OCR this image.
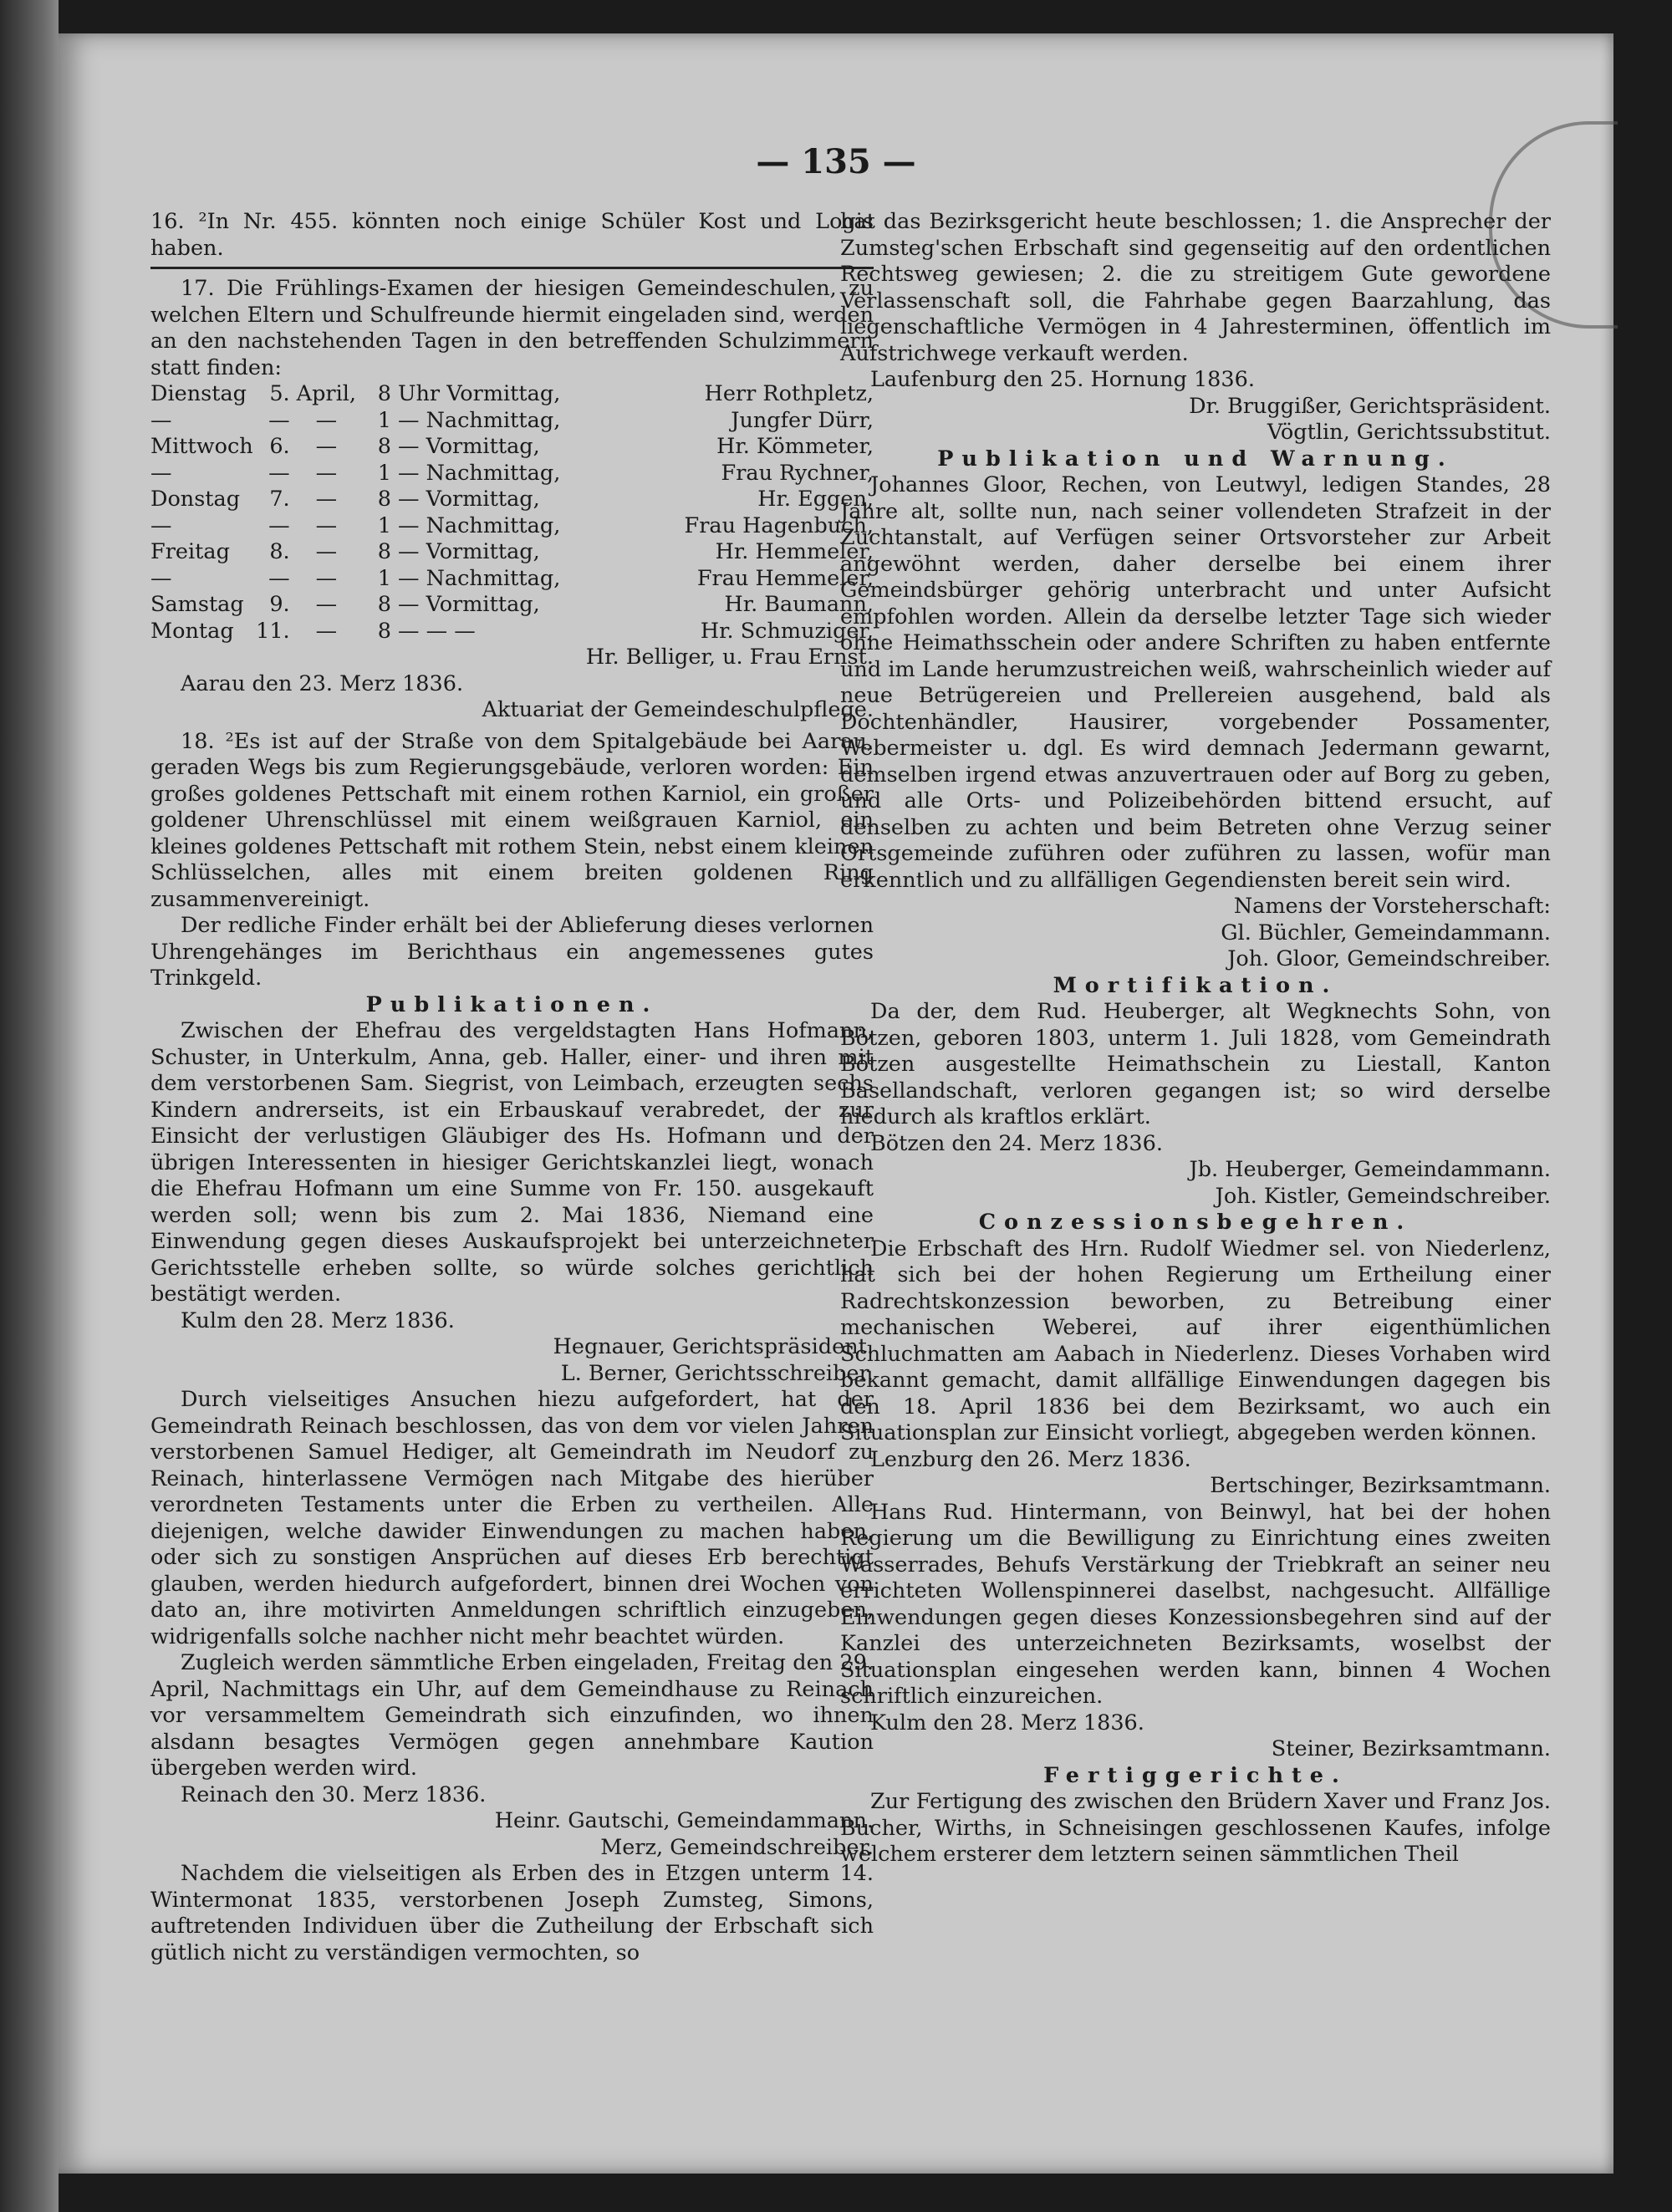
— 135 —

16. ²In Nr. 455. könnten noch einige Schüler Kost und Logis haben.

17. Die Frühlings-Examen der hiesigen Gemeindeschulen, zu welchen Eltern und Schulfreunde hiermit eingeladen sind, werden an den nachstehenden Tagen in den betreffenden Schulzimmern statt finden:

Dienstag	5.	April,	8	Uhr Vormittag,	Herr Rothpletz,
—	—	—	1	— Nachmittag,	Jungfer Dürr,
Mittwoch	6.	—	8	— Vormittag,	Hr. Kömmeter,
—	—	—	1	— Nachmittag,	Frau Rychner,
Donstag	7.	—	8	— Vormittag,	Hr. Eggen,
—	—	—	1	— Nachmittag,	Frau Hagenbuch,
Freitag	8.	—	8	— Vormittag,	Hr. Hemmeler,
—	—	—	1	— Nachmittag,	Frau Hemmeler,
Samstag	9.	—	8	— Vormittag,	Hr. Baumann,
Montag	11.	—	8	— — —	Hr. Schmuziger,

Hr. Belliger, u. Frau Ernst.

Aarau den 23. Merz 1836.

Aktuariat der Gemeindeschulpflege.

18. ²Es ist auf der Straße von dem Spitalgebäude bei Aarau, geraden Wegs bis zum Regierungsgebäude, verloren worden: Ein großes goldenes Pettschaft mit einem rothen Karniol, ein großer goldener Uhrenschlüssel mit einem weißgrauen Karniol, ein kleines goldenes Pettschaft mit rothem Stein, nebst einem kleinen Schlüsselchen, alles mit einem breiten goldenen Ring zusammenvereinigt.

Der redliche Finder erhält bei der Ablieferung dieses verlornen Uhrengehänges im Berichthaus ein angemessenes gutes Trinkgeld.

Publikationen.

Zwischen der Ehefrau des vergeldstagten Hans Hofmann, Schuster, in Unterkulm, Anna, geb. Haller, einer- und ihren mit dem verstorbenen Sam. Siegrist, von Leimbach, erzeugten sechs Kindern andrerseits, ist ein Erbauskauf verabredet, der zur Einsicht der verlustigen Gläubiger des Hs. Hofmann und der übrigen Interessenten in hiesiger Gerichtskanzlei liegt, wonach die Ehefrau Hofmann um eine Summe von Fr. 150. ausgekauft werden soll; wenn bis zum 2. Mai 1836, Niemand eine Einwendung gegen dieses Auskaufsprojekt bei unterzeichneter Gerichtsstelle erheben sollte, so würde solches gerichtlich bestätigt werden.

Kulm den 28. Merz 1836.

Hegnauer, Gerichtspräsident.

L. Berner, Gerichtsschreiber.

Durch vielseitiges Ansuchen hiezu aufgefordert, hat der Gemeindrath Reinach beschlossen, das von dem vor vielen Jahren verstorbenen Samuel Hediger, alt Gemeindrath im Neudorf zu Reinach, hinterlassene Vermögen nach Mitgabe des hierüber verordneten Testaments unter die Erben zu vertheilen. Alle diejenigen, welche dawider Einwendungen zu machen haben, oder sich zu sonstigen Ansprüchen auf dieses Erb berechtigt glauben, werden hiedurch aufgefordert, binnen drei Wochen von dato an, ihre motivirten Anmeldungen schriftlich einzugeben, widrigenfalls solche nachher nicht mehr beachtet würden.

Zugleich werden sämmtliche Erben eingeladen, Freitag den 29. April, Nachmittags ein Uhr, auf dem Gemeindhause zu Reinach vor versammeltem Gemeindrath sich einzufinden, wo ihnen alsdann besagtes Vermögen gegen annehmbare Kaution übergeben werden wird.

Reinach den 30. Merz 1836.

Heinr. Gautschi, Gemeindammann.

Merz, Gemeindschreiber.

Nachdem die vielseitigen als Erben des in Etzgen unterm 14. Wintermonat 1835, verstorbenen Joseph Zumsteg, Simons, auftretenden Individuen über die Zutheilung der Erbschaft sich gütlich nicht zu verständigen vermochten, so

hat das Bezirksgericht heute beschlossen; 1. die Ansprecher der Zumsteg'schen Erbschaft sind gegenseitig auf den ordentlichen Rechtsweg gewiesen; 2. die zu streitigem Gute gewordene Verlassenschaft soll, die Fahrhabe gegen Baarzahlung, das liegenschaftliche Vermögen in 4 Jahresterminen, öffentlich im Aufstrichwege verkauft werden.

Laufenburg den 25. Hornung 1836.

Dr. Bruggißer, Gerichtspräsident.

Vögtlin, Gerichtssubstitut.

Publikation und Warnung.

Johannes Gloor, Rechen, von Leutwyl, ledigen Standes, 28 Jahre alt, sollte nun, nach seiner vollendeten Strafzeit in der Zuchtanstalt, auf Verfügen seiner Ortsvorsteher zur Arbeit angewöhnt werden, daher derselbe bei einem ihrer Gemeindsbürger gehörig unterbracht und unter Aufsicht empfohlen worden. Allein da derselbe letzter Tage sich wieder ohne Heimathsschein oder andere Schriften zu haben entfernte und im Lande herumzustreichen weiß, wahrscheinlich wieder auf neue Betrügereien und Prellereien ausgehend, bald als Dochtenhändler, Hausirer, vorgebender Possamenter, Webermeister u. dgl. Es wird demnach Jedermann gewarnt, demselben irgend etwas anzuvertrauen oder auf Borg zu geben, und alle Orts- und Polizeibehörden bittend ersucht, auf denselben zu achten und beim Betreten ohne Verzug seiner Ortsgemeinde zuführen oder zuführen zu lassen, wofür man erkenntlich und zu allfälligen Gegendiensten bereit sein wird.

Namens der Vorsteherschaft:

Gl. Büchler, Gemeindammann.

Joh. Gloor, Gemeindschreiber.

Mortifikation.

Da der, dem Rud. Heuberger, alt Wegknechts Sohn, von Bötzen, geboren 1803, unterm 1. Juli 1828, vom Gemeindrath Bötzen ausgestellte Heimathschein zu Liestall, Kanton Basellandschaft, verloren gegangen ist; so wird derselbe hiedurch als kraftlos erklärt.

Bötzen den 24. Merz 1836.

Jb. Heuberger, Gemeindammann.

Joh. Kistler, Gemeindschreiber.

Conzessionsbegehren.

Die Erbschaft des Hrn. Rudolf Wiedmer sel. von Niederlenz, hat sich bei der hohen Regierung um Ertheilung einer Radrechtskonzession beworben, zu Betreibung einer mechanischen Weberei, auf ihrer eigenthümlichen Schluchmatten am Aabach in Niederlenz. Dieses Vorhaben wird bekannt gemacht, damit allfällige Einwendungen dagegen bis den 18. April 1836 bei dem Bezirksamt, wo auch ein Situationsplan zur Einsicht vorliegt, abgegeben werden können.

Lenzburg den 26. Merz 1836.

Bertschinger, Bezirksamtmann.

Hans Rud. Hintermann, von Beinwyl, hat bei der hohen Regierung um die Bewilligung zu Einrichtung eines zweiten Wasserrades, Behufs Verstärkung der Triebkraft an seiner neu errichteten Wollenspinnerei daselbst, nachgesucht. Allfällige Einwendungen gegen dieses Konzessionsbegehren sind auf der Kanzlei des unterzeichneten Bezirksamts, woselbst der Situationsplan eingesehen werden kann, binnen 4 Wochen schriftlich einzureichen.

Kulm den 28. Merz 1836.

Steiner, Bezirksamtmann.

Fertiggerichte.

Zur Fertigung des zwischen den Brüdern Xaver und Franz Jos. Bucher, Wirths, in Schneisingen geschlossenen Kaufes, infolge welchem ersterer dem letztern seinen sämmtlichen Theil
